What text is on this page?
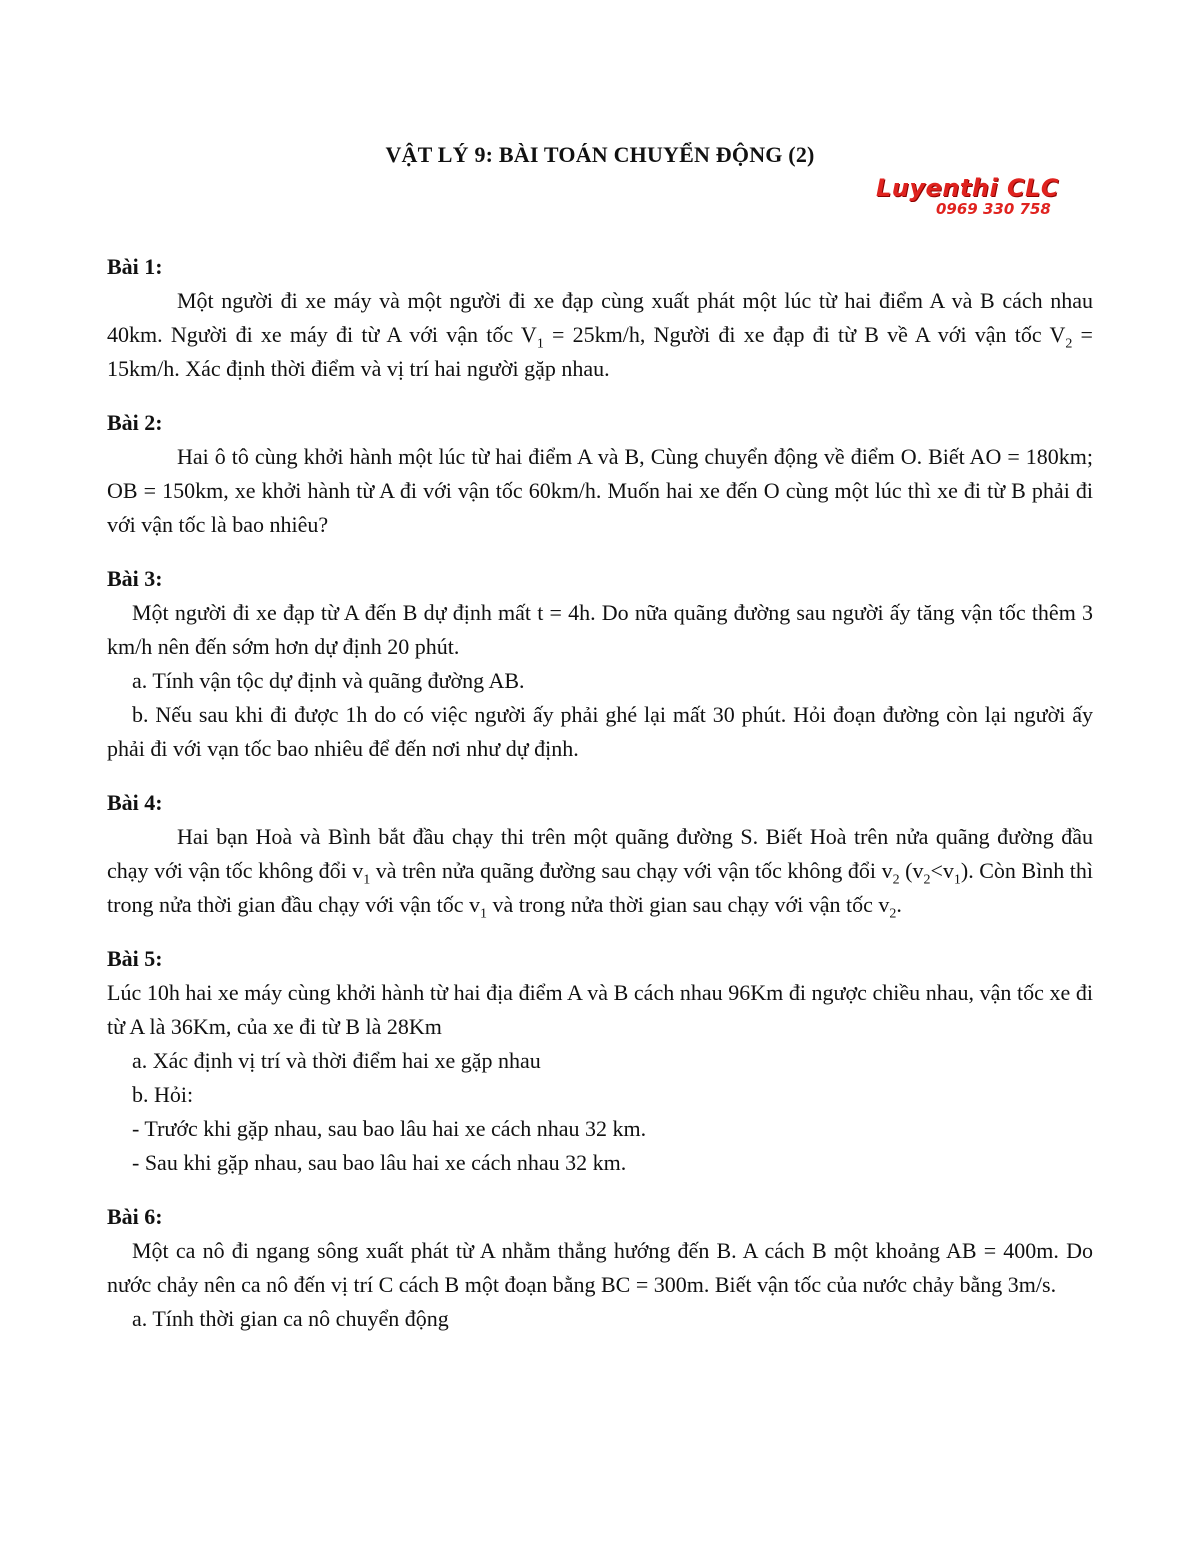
VẬT LÝ 9: BÀI TOÁN CHUYỂN ĐỘNG (2)
Luyenthi CLC
0969 330 758
Bài 1:

Một người đi xe máy và một người đi xe đạp cùng xuất phát một lúc từ hai điểm A và B cách nhau 40km. Người đi xe máy đi từ A với vận tốc $V_1 = 25km/h$, Người đi xe đạp đi từ B về A với vận tốc $V_2 = 15km/h$. Xác định thời điểm và vị trí hai người gặp nhau.

Bài 2:

Hai ô tô cùng khởi hành một lúc từ hai điểm A và B, Cùng chuyển động về điểm O. Biết AO = 180km; OB = 150km, xe khởi hành từ A đi với vận tốc 60km/h. Muốn hai xe đến O cùng một lúc thì xe đi từ B phải đi với vận tốc là bao nhiêu?

Bài 3:

Một người đi xe đạp từ A đến B dự định mất t = 4h. Do nữa quãng đường sau người ấy tăng vận tốc thêm 3 km/h nên đến sớm hơn dự định 20 phút.

a. Tính vận tộc dự định và quãng đường AB.

b. Nếu sau khi đi được 1h do có việc người ấy phải ghé lại mất 30 phút. Hỏi đoạn đường còn lại người ấy phải đi với vạn tốc bao nhiêu để đến nơi như dự định.

Bài 4:

Hai bạn Hoà và Bình bắt đầu chạy thi trên một quãng đường S. Biết Hoà trên nửa quãng đường đầu chạy với vận tốc không đổi $v_1$ và trên nửa quãng đường sau chạy với vận tốc không đổi $v_2$ $(v_2<v_1)$. Còn Bình thì trong nửa thời gian đầu chạy với vận tốc $v_1$ và trong nửa thời gian sau chạy với vận tốc $v_2$.

Bài 5:

Lúc 10h hai xe máy cùng khởi hành từ hai địa điểm A và B cách nhau 96Km đi ngược chiều nhau, vận tốc xe đi từ A là 36Km, của xe đi từ B là 28Km

a. Xác định vị trí và thời điểm hai xe gặp nhau

b. Hỏi:

- Trước khi gặp nhau, sau bao lâu hai xe cách nhau 32 km.

- Sau khi gặp nhau, sau bao lâu hai xe cách nhau 32 km.

Bài 6:

Một ca nô đi ngang sông xuất phát từ A nhằm thẳng hướng đến B. A cách B một khoảng AB = 400m. Do nước chảy nên ca nô đến vị trí C cách B một đoạn bằng BC = 300m. Biết vận tốc của nước chảy bằng 3m/s.

a. Tính thời gian ca nô chuyển động
